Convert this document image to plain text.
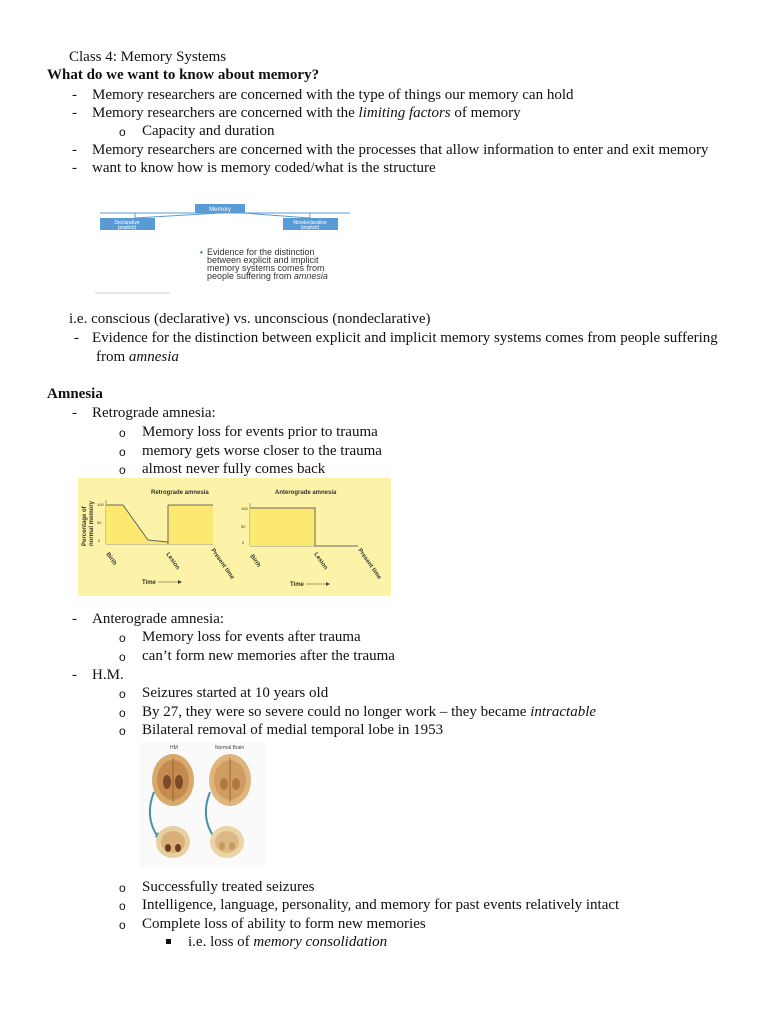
Class 4: Memory Systems
What do we want to know about memory?
-	Memory researchers are concerned with the type of things our memory can hold
-	Memory researchers are concerned with the limiting factors of memory
o Capacity and duration
-	Memory researchers are concerned with the processes that allow information to enter and exit memory
-	want to know how is memory coded/what is the structure
Memory
Declarative
(explicit)
Nondeclarative
(implicit)
• Evidence for the distinction
between explicit and implicit
memory systems comes from
people suffering from amnesia
i.e. conscious (declarative) vs. unconscious (nondeclarative)
- Evidence for the distinction between explicit and implicit memory systems comes from people suffering
from amnesia
Amnesia
-	Retrograde amnesia:
o Memory loss for events prior to trauma
o memory gets worse closer to the trauma
o almost never fully comes back
Retrograde amnesia
Percentage of normal memory 100
50
0
Birth	Lesion	Present time
Time
Anterograde amnesia
100
50
0
Birth	Lesion	Present time
Time
-	Anterograde amnesia:
o Memory loss for events after trauma
o can’t form new memories after the trauma
-	H.M.
o Seizures started at 10 years old
o By 27, they were so severe could no longer work – they became intractable
o Bilateral removal of medial temporal lobe in 1953
HM	Normal Brain
o Successfully treated seizures
o Intelligence, language, personality, and memory for past events relatively intact
o Complete loss of ability to form new memories
i.e. loss of memory consolidation
